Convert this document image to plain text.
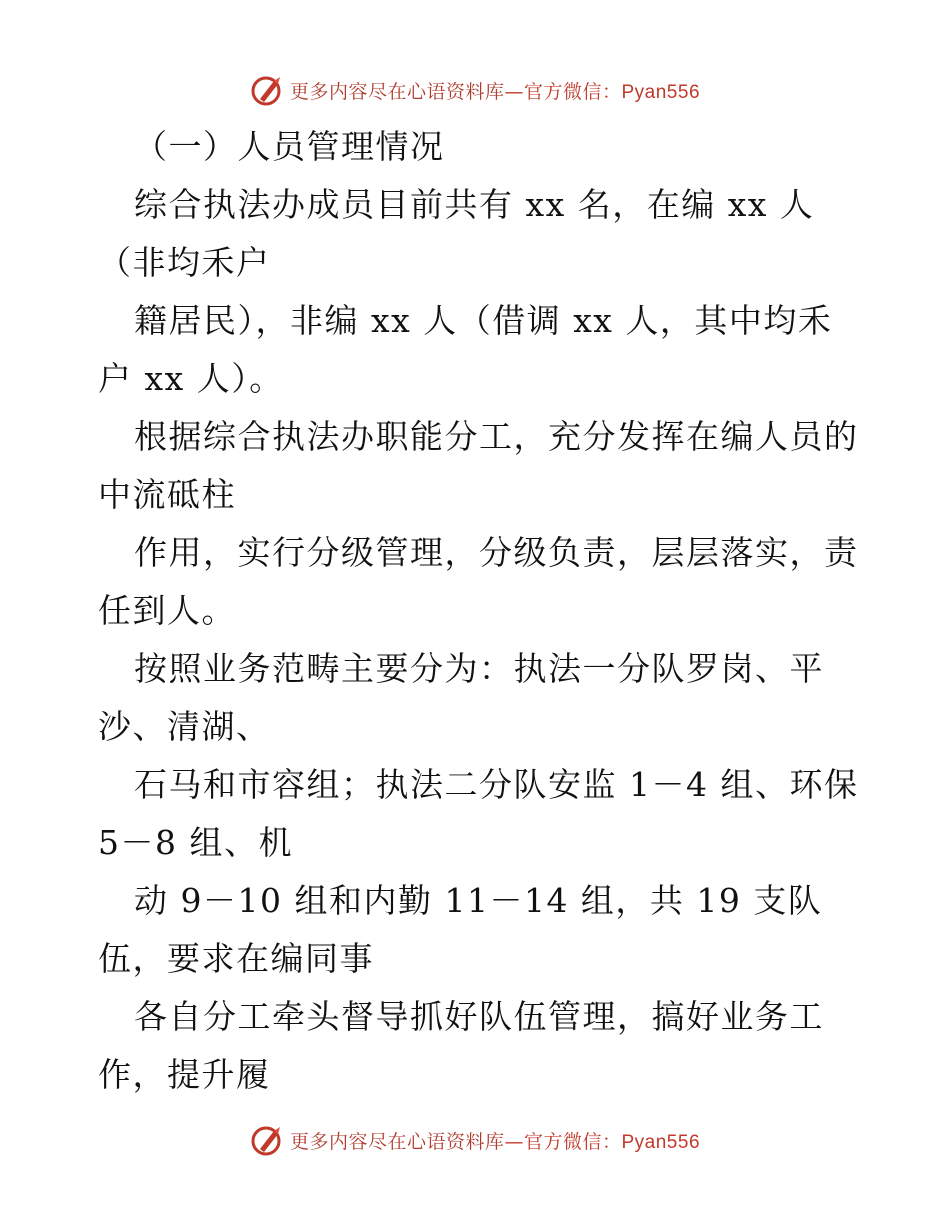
更多内容尽在心语资料库—官方微信：Pyan556
（一）人员管理情况
综合执法办成员目前共有 xx 名，在编 xx 人
（非均禾户
籍居民），非编 xx 人（借调 xx 人，其中均禾
户 xx 人）。
根据综合执法办职能分工，充分发挥在编人员的
中流砥柱
作用，实行分级管理，分级负责，层层落实，责
任到人。
按照业务范畴主要分为：执法一分队罗岗、平
沙、清湖、
石马和市容组；执法二分队安监 1－4 组、环保
5－8 组、机
动 9－10 组和内勤 11－14 组，共 19 支队
伍，要求在编同事
各自分工牵头督导抓好队伍管理，搞好业务工
作，提升履
更多内容尽在心语资料库—官方微信：Pyan556
